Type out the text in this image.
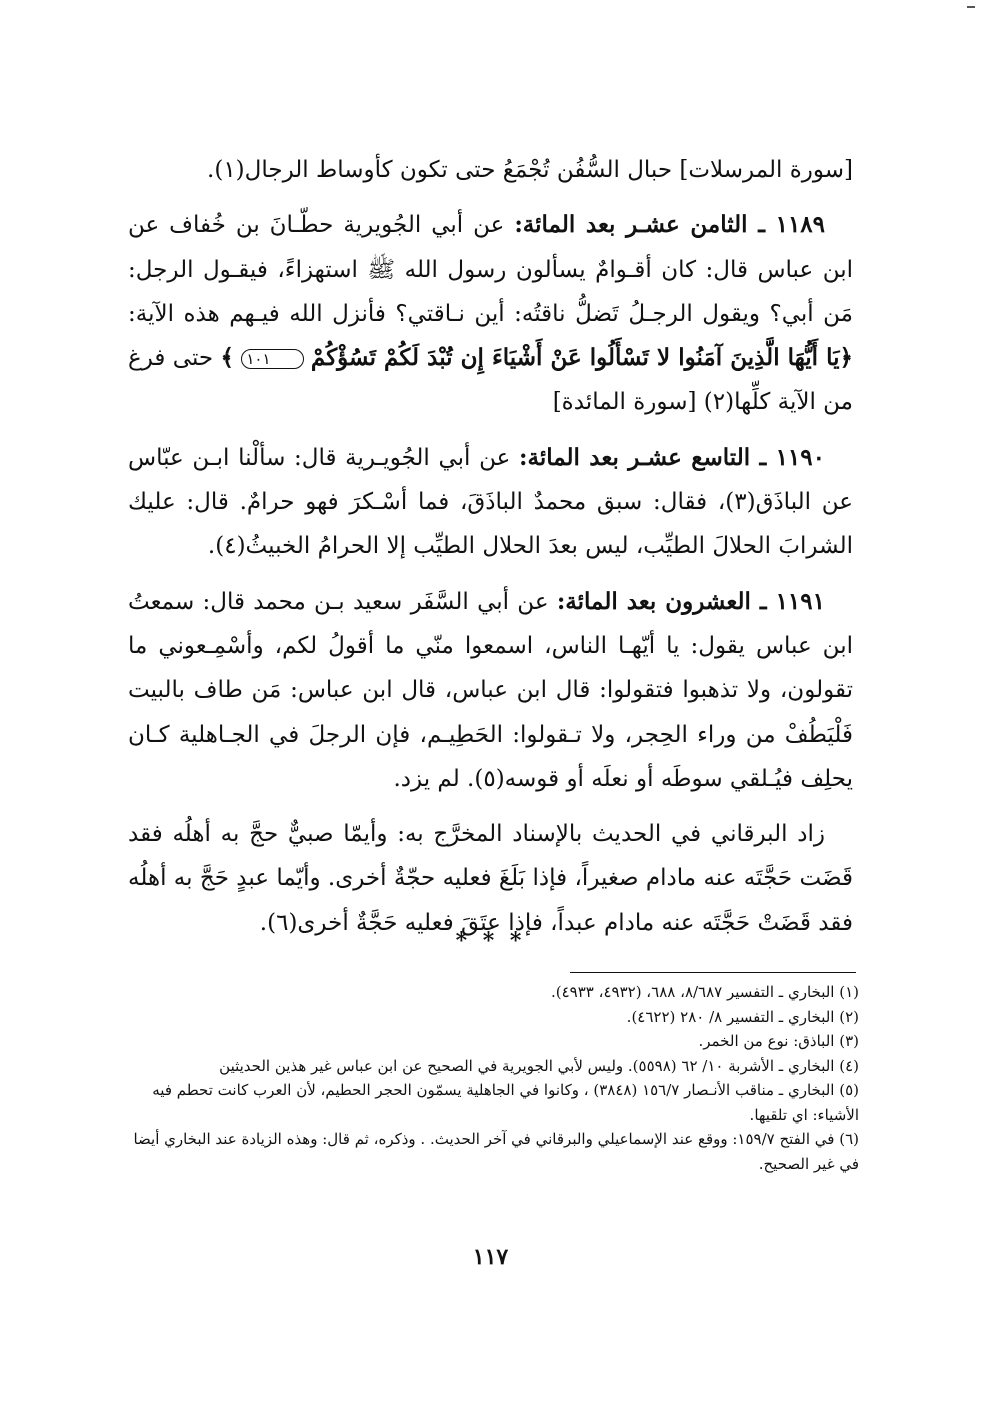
[سورة المرسلات] حبال السُّفُن تُجْمَعُ حتى تكون كأوساط الرجال(١).

١١٨٩ ـ الثامن عشـر بعد المائة: عن أبي الجُويرية حطّـانَ بن خُفاف عن ابن عباس قال: كان أقـوامٌ يسألون رسول الله ﷺ استهزاءً، فيقـول الرجل: مَن أبي؟ ويقول الرجـلُ تَضلُّ ناقتُه: أين نـاقتي؟ فأنزل الله فيـهم هذه الآية: ﴿يَا أَيُّهَا الَّذِينَ آمَنُوا لا تَسْأَلُوا عَنْ أَشْيَاءَ إِن تُبْدَ لَكُمْ تَسُؤْكُمْ ١٠١ ﴾ حتى فرغ من الآية كلِّها(٢) [سورة المائدة]

١١٩٠ ـ التاسع عشـر بعد المائة: عن أبي الجُويـرية قال: سألْنا ابـن عبّاس عن الباذَق(٣)، فقال: سبق محمدٌ الباذَقَ، فما أسْـكرَ فهو حرامٌ. قال: عليك الشرابَ الحلالَ الطيِّب، ليس بعدَ الحلال الطيِّب إلا الحرامُ الخبيثُ(٤).

١١٩١ ـ العشرون بعد المائة: عن أبي السَّفَر سعيد بـن محمد قال: سمعتُ ابن عباس يقول: يا أيّهـا الناس، اسمعوا منّي ما أقولُ لكم، وأسْمِـعوني ما تقولون، ولا تذهبوا فتقولوا: قال ابن عباس، قال ابن عباس: مَن طاف بالبيت فَلْيَطُفْ من وراء الحِجر، ولا تـقولوا: الحَطِيـم، فإن الرجلَ في الجـاهلية كـان يحلِف فيُـلقي سوطَه أو نعلَه أو قوسه(٥). لم يزد.

زاد البرقاني في الحديث بالإسناد المخرَّج به: وأيمّا صبيٌّ حجَّ به أهلُه فقد قَضَت حَجَّتَه عنه مادام صغيراً، فإذا بَلَغَ فعليه حجّةٌ أخرى. وأيّما عبدٍ حَجَّ به أهلُه فقد قَضَتْ حَجَّتَه عنه مادام عبداً، فإذا عتَقَ فعليه حَجَّةٌ أخرى(٦).

* * *

(١) البخاري ـ التفسير ٨/٦٨٧، ٦٨٨، (٤٩٣٢، ٤٩٣٣).

(٢) البخاري ـ التفسير ٨/ ٢٨٠ (٤٦٢٢).

(٣) الباذق: نوع من الخمر.

(٤) البخاري ـ الأشربة ١٠/ ٦٢ (٥٥٩٨). وليس لأبي الجويرية في الصحيح عن ابن عباس غير هذين الحديثين

(٥) البخاري ـ مناقب الأنـصار ١٥٦/٧ (٣٨٤٨) ، وكانوا في الجاهلية يسمّون الحجر الحطيم، لأن العرب كانت تحطم فيه الأشياء: اي تلقيها.

(٦) في الفتح ١٥٩/٧: ووقع عند الإسماعيلي والبرقاني في آخر الحديث. . وذكره، ثم قال: وهذه الزيادة عند البخاري أيضا في غير الصحيح.

١١٧
